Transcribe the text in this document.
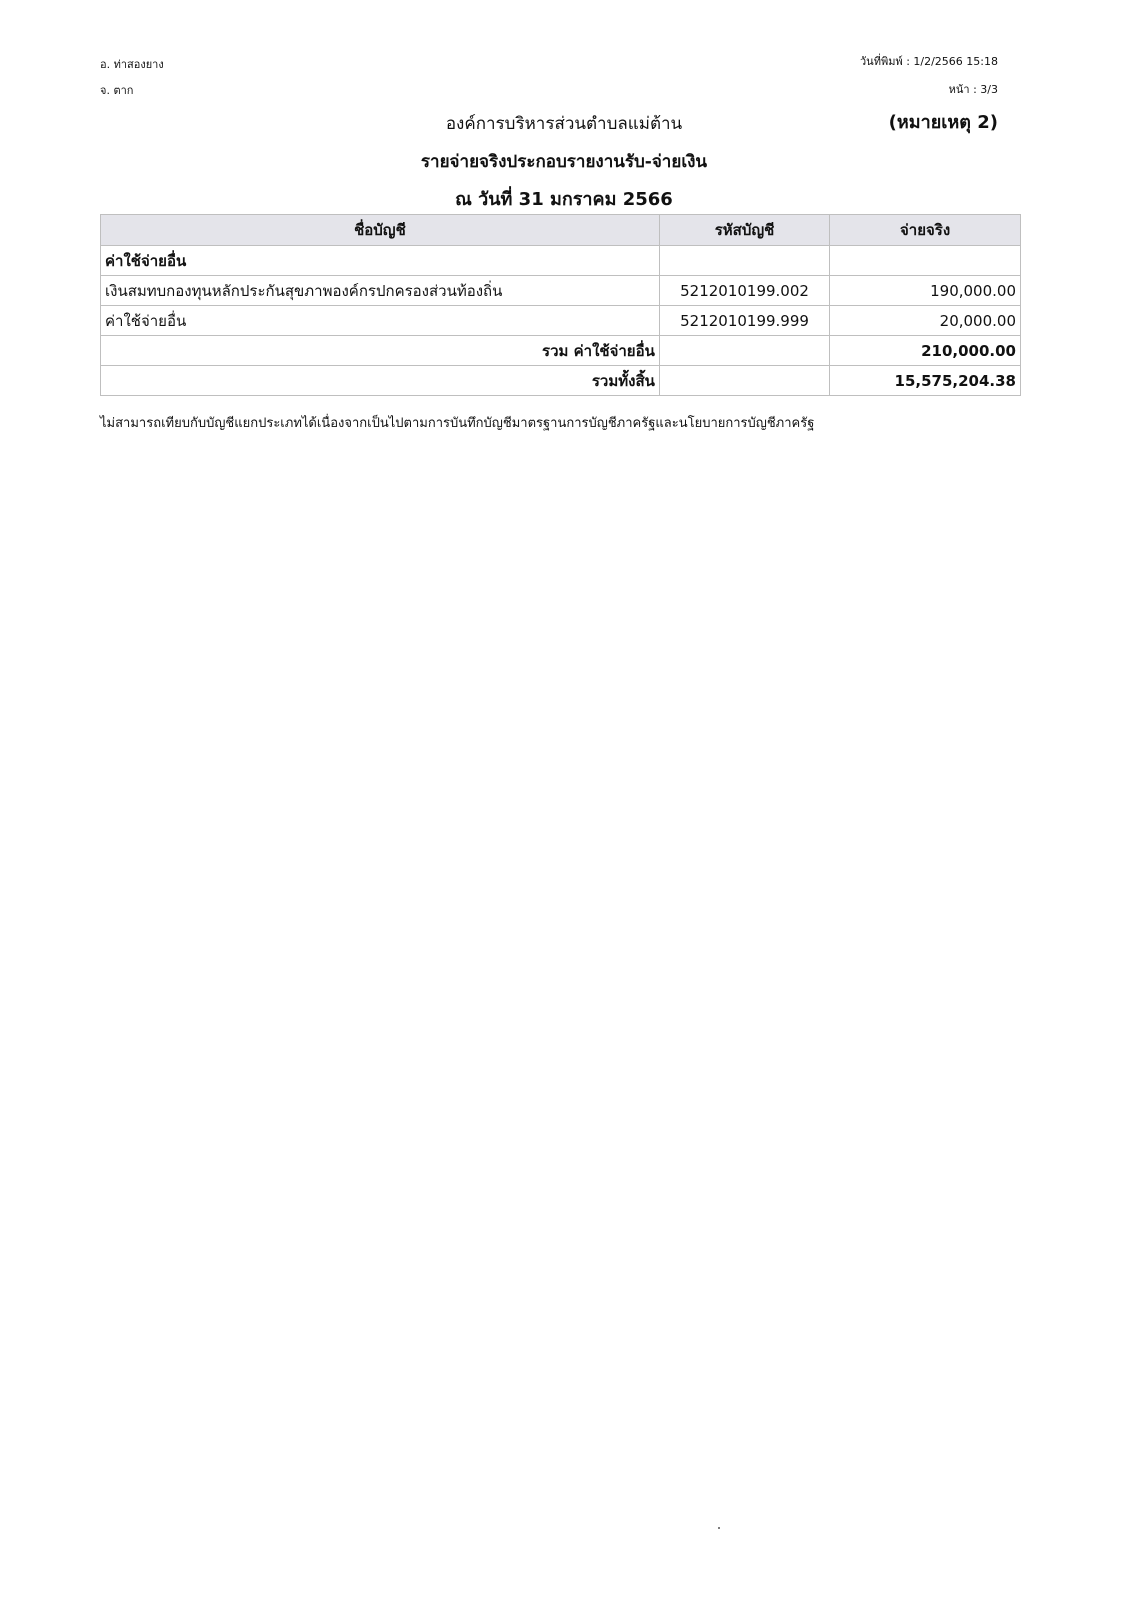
อ. ท่าสองยาง
จ. ตาก
วันที่พิมพ์ : 1/2/2566 15:18
หน้า : 3/3
องค์การบริหารส่วนตำบลแม่ต้าน	(หมายเหตุ 2)
รายจ่ายจริงประกอบรายงานรับ-จ่ายเงิน
ณ วันที่ 31 มกราคม 2566
ชื่อบัญชี	รหัสบัญชี	จ่ายจริง
ค่าใช้จ่ายอื่น		
เงินสมทบกองทุนหลักประกันสุขภาพองค์กรปกครองส่วนท้องถิ่น	5212010199.002	190,000.00
ค่าใช้จ่ายอื่น	5212010199.999	20,000.00
รวม ค่าใช้จ่ายอื่น		210,000.00
รวมทั้งสิ้น		15,575,204.38
ไม่สามารถเทียบกับบัญชีแยกประเภทได้เนื่องจากเป็นไปตามการบันทึกบัญชีมาตรฐานการบัญชีภาครัฐและนโยบายการบัญชีภาครัฐ
